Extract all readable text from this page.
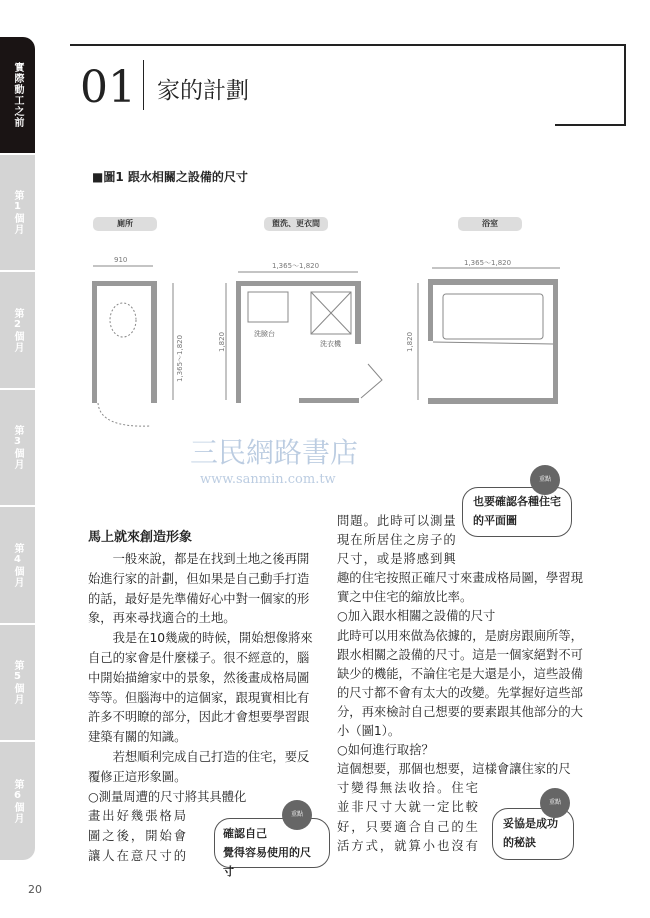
實際動工之前
第1個月
第2個月
第3個月
第4個月
第5個月
第6個月
01 家的計劃
■圖1 跟水相關之設備的尺寸
廁所	盥洗、更衣間	浴室
910
1,365～1,820
1,365～1,820
1,820	洗臉台
洗衣機
1,365～1,820
1,820
三民網路書店
www.sanmin.com.tw
馬上就來創造形象

一般來說，都是在找到土地之後再開始進行家的計劃，但如果是自己動手打造的話，最好是先準備好心中對一個家的形象，再來尋找適合的土地。

我是在10幾歲的時候，開始想像將來自己的家會是什麼樣子。很不經意的，腦中開始描繪家中的景象，然後畫成格局圖等等。但腦海中的這個家，跟現實相比有許多不明瞭的部分，因此才會想要學習跟建築有關的知識。

若想順利完成自己打造的住宅，要反覆修正這形象圖。

○測量周遭的尺寸將其具體化

畫出好幾張格局

圖之後，開始會

讓人在意尺寸的

問題。此時可以測量

現在所居住之房子的

尺寸，或是將感到興

趣的住宅按照正確尺寸來畫成格局圖，學習現實之中住宅的縮放比率。

○加入跟水相關之設備的尺寸

此時可以用來做為依據的，是廚房跟廁所等，跟水相關之設備的尺寸。這是一個家絕對不可缺少的機能，不論住宅是大還是小，這些設備的尺寸都不會有太大的改變。先掌握好這些部分，再來檢討自己想要的要素跟其他部分的大小（圖1）。

○如何進行取捨？

這個想要，那個也想要，這樣會讓住家的尺

寸變得無法收拾。住宅

並非尺寸大就一定比較

好，只要適合自己的生

活方式，就算小也沒有

也要確認各種住宅
的平面圖
重點
確認自己
覺得容易使用的尺寸
重點
妥協是成功
的秘訣
重點
20
